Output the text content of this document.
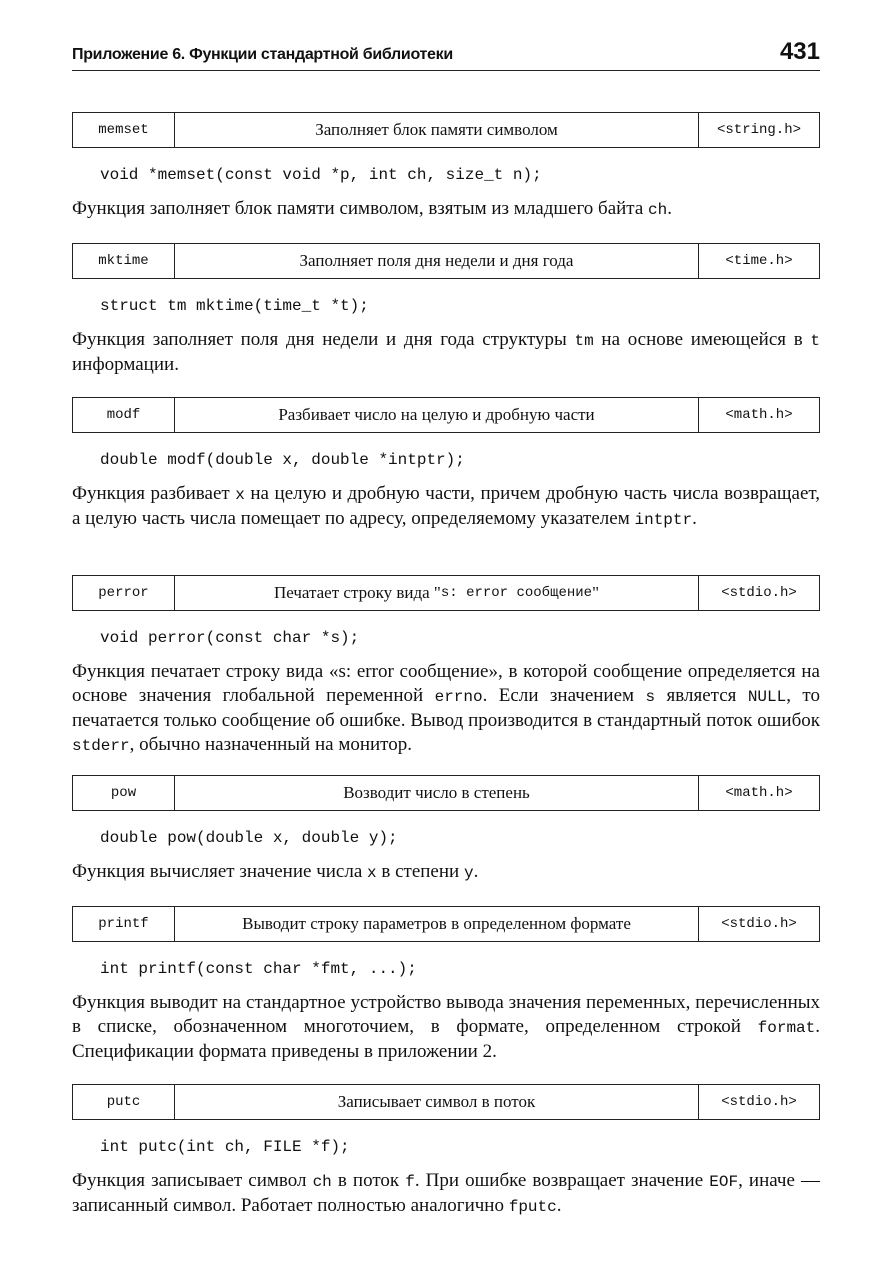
Приложение 6. Функции стандартной библиотеки	431
memset	Заполняет блок памяти символом	<string.h>
void *memset(const void *p, int ch, size_t n);
Функция заполняет блок памяти символом, взятым из младшего байта ch.
mktime	Заполняет поля дня недели и дня года	<time.h>
struct tm mktime(time_t *t);
Функция заполняет поля дня недели и дня года структуры tm на основе имеющейся в t информации.
modf	Разбивает число на целую и дробную части	<math.h>
double modf(double x, double *intptr);
Функция разбивает x на целую и дробную части, причем дробную часть числа возвращает, а целую часть числа помещает по адресу, определяемому указателем intptr.
perror	Печатает строку вида " s: error сообщение "	<stdio.h>
void perror(const char *s);
Функция печатает строку вида «s: error сообщение», в которой сообщение определяется на основе значения глобальной переменной errno. Если значением s является NULL, то печатается только сообщение об ошибке. Вывод производится в стандартный поток ошибок stderr, обычно назначенный на монитор.
pow	Возводит число в степень	<math.h>
double pow(double x, double y);
Функция вычисляет значение числа x в степени y.
printf	Выводит строку параметров в определенном формате	<stdio.h>
int printf(const char *fmt, ...);
Функция выводит на стандартное устройство вывода значения переменных, перечисленных в списке, обозначенном многоточием, в формате, определенном строкой format. Спецификации формата приведены в приложении 2.
putc	Записывает символ в поток	<stdio.h>
int putc(int ch, FILE *f);
Функция записывает символ ch в поток f. При ошибке возвращает значение EOF, иначе — записанный символ. Работает полностью аналогично fputc.
